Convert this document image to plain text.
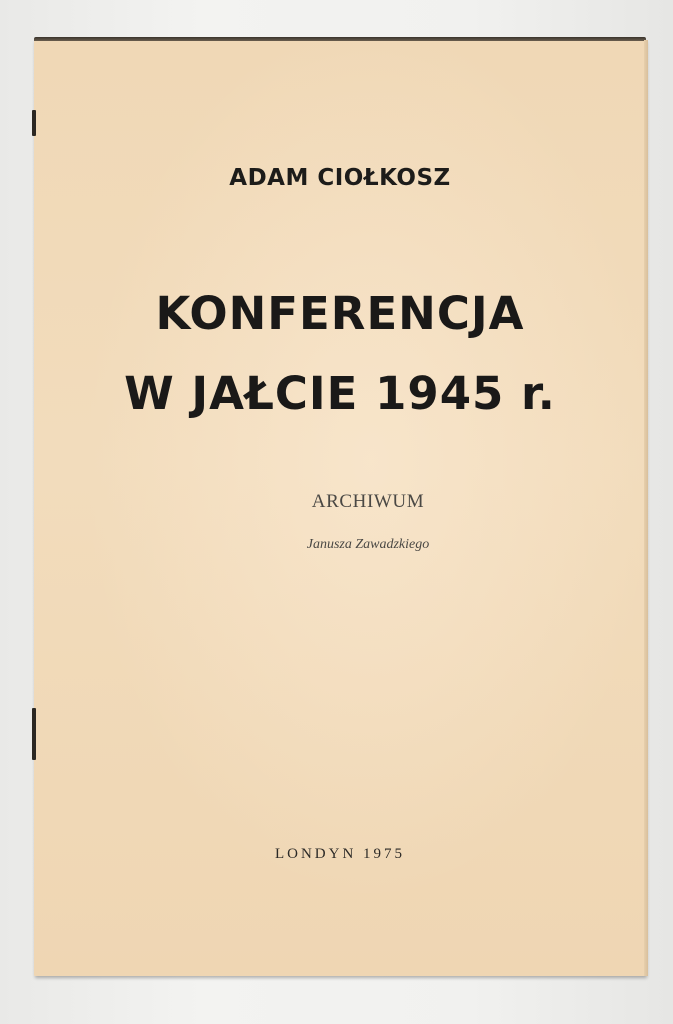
ADAM CIOŁKOSZ

KONFERENCJA

W JAŁCIE 1945 r.

ARCHIWUM

Janusza Zawadzkiego

LONDYN 1975
